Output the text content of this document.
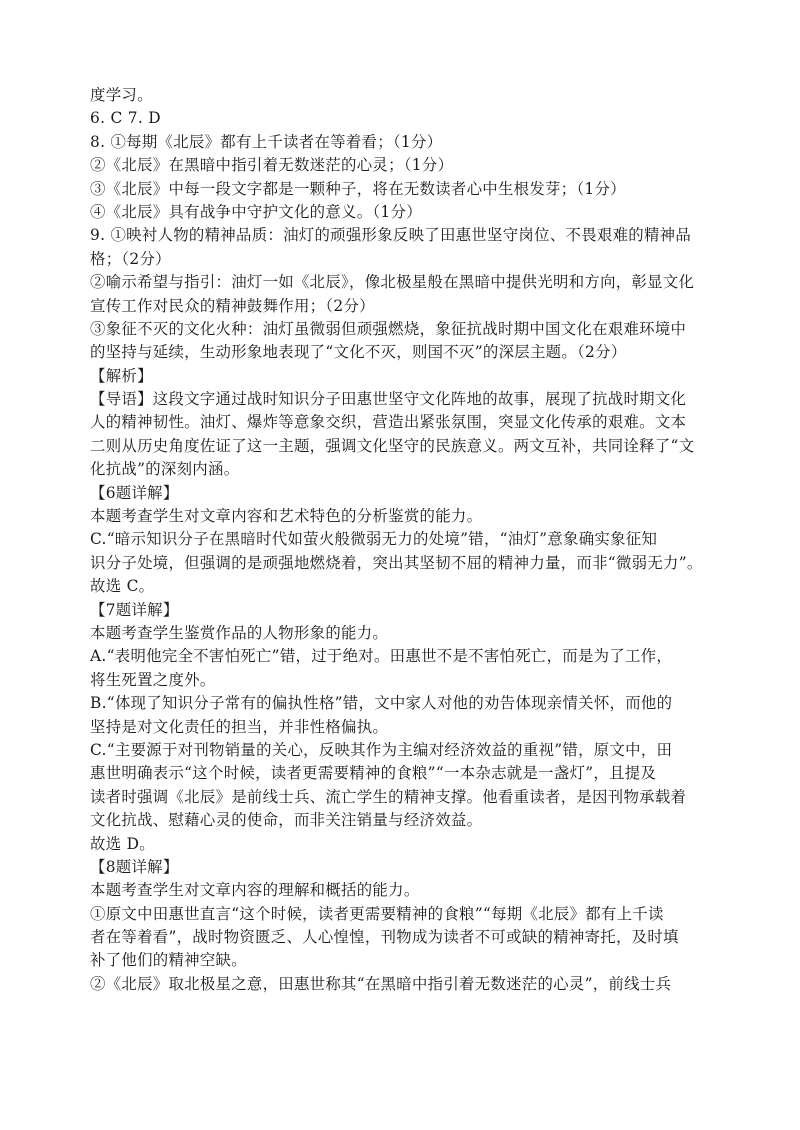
度学习。
6. C 7. D
8. ①每期《北辰》都有上千读者在等着看；（1分）
②《北辰》在黑暗中指引着无数迷茫的心灵；（1分）
③《北辰》中每一段文字都是一颗种子，将在无数读者心中生根发芽；（1分）
④《北辰》具有战争中守护文化的意义。（1分）
9. ①映衬人物的精神品质：油灯的顽强形象反映了田惠世坚守岗位、不畏艰难的精神品
格；（2分）
②喻示希望与指引：油灯一如《北辰》，像北极星般在黑暗中提供光明和方向，彰显文化
宣传工作对民众的精神鼓舞作用；（2分）
③象征不灭的文化火种：油灯虽微弱但顽强燃烧，象征抗战时期中国文化在艰难环境中
的坚持与延续，生动形象地表现了“文化不灭，则国不灭”的深层主题。（2分）
【解析】
【导语】这段文字通过战时知识分子田惠世坚守文化阵地的故事，展现了抗战时期文化
人的精神韧性。油灯、爆炸等意象交织，营造出紧张氛围，突显文化传承的艰难。文本
二则从历史角度佐证了这一主题，强调文化坚守的民族意义。两文互补，共同诠释了“文
化抗战”的深刻内涵。
【6题详解】
本题考查学生对文章内容和艺术特色的分析鉴赏的能力。
C.“暗示知识分子在黑暗时代如萤火般微弱无力的处境”错，“油灯”意象确实象征知
识分子处境，但强调的是顽强地燃烧着，突出其坚韧不屈的精神力量，而非“微弱无力”。
故选 C。
【7题详解】
本题考查学生鉴赏作品的人物形象的能力。
A.“表明他完全不害怕死亡”错，过于绝对。田惠世不是不害怕死亡，而是为了工作，
将生死置之度外。
B.“体现了知识分子常有的偏执性格”错，文中家人对他的劝告体现亲情关怀，而他的
坚持是对文化责任的担当，并非性格偏执。
C.“主要源于对刊物销量的关心，反映其作为主编对经济效益的重视”错，原文中，田
惠世明确表示“这个时候，读者更需要精神的食粮”“一本杂志就是一盏灯”，且提及
读者时强调《北辰》是前线士兵、流亡学生的精神支撑。他看重读者，是因刊物承载着
文化抗战、慰藉心灵的使命，而非关注销量与经济效益。
故选 D。
【8题详解】
本题考查学生对文章内容的理解和概括的能力。
①原文中田惠世直言“这个时候，读者更需要精神的食粮”“每期《北辰》都有上千读
者在等着看”，战时物资匮乏、人心惶惶，刊物成为读者不可或缺的精神寄托，及时填
补了他们的精神空缺。
②《北辰》取北极星之意，田惠世称其“在黑暗中指引着无数迷茫的心灵”，前线士兵
